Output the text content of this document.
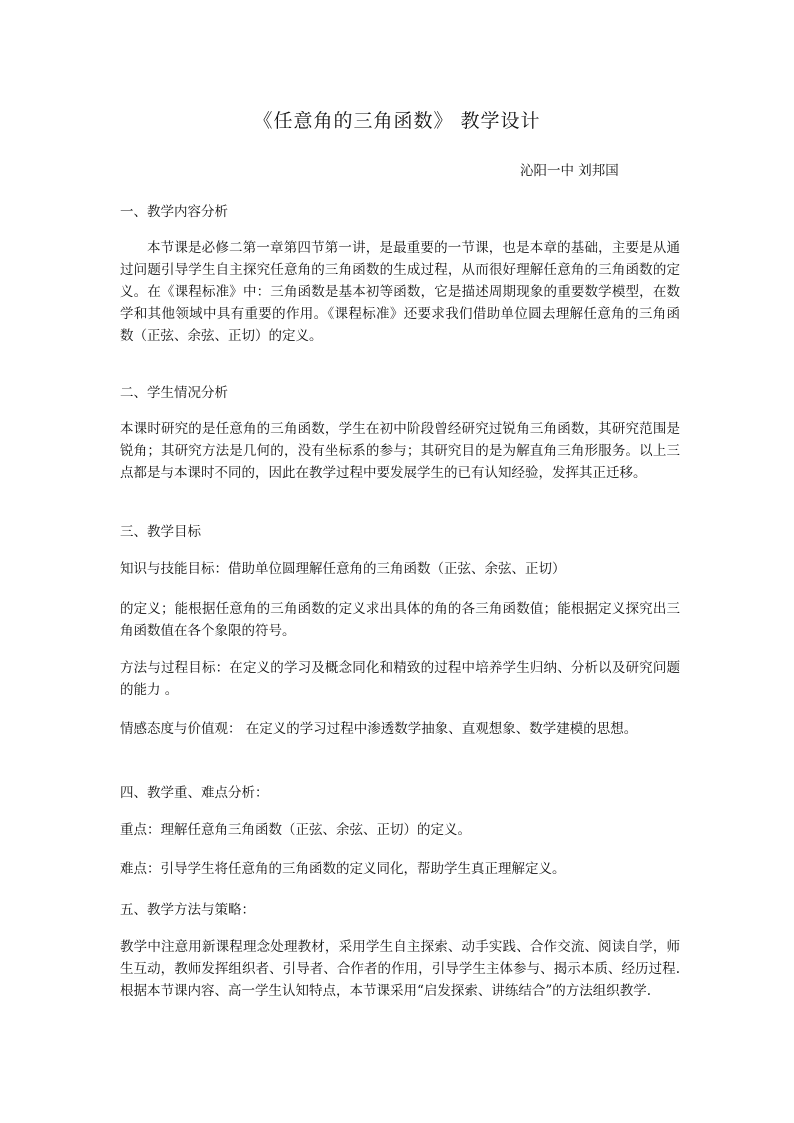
《任意角的三角函数》 教学设计
沁阳一中 刘邦国
一、教学内容分析
本节课是必修二第一章第四节第一讲，是最重要的一节课，也是本章的基础，主要是从通过问题引导学生自主探究任意角的三角函数的生成过程，从而很好理解任意角的三角函数的定义。在《课程标准》中：三角函数是基本初等函数，它是描述周期现象的重要数学模型，在数学和其他领域中具有重要的作用。《课程标准》还要求我们借助单位圆去理解任意角的三角函数（正弦、余弦、正切）的定义。
二、学生情况分析
本课时研究的是任意角的三角函数，学生在初中阶段曾经研究过锐角三角函数，其研究范围是锐角；其研究方法是几何的，没有坐标系的参与；其研究目的是为解直角三角形服务。以上三点都是与本课时不同的，因此在教学过程中要发展学生的已有认知经验，发挥其正迁移。
三、教学目标
知识与技能目标：借助单位圆理解任意角的三角函数（正弦、余弦、正切）
的定义；能根据任意角的三角函数的定义求出具体的角的各三角函数值；能根据定义探究出三角函数值在各个象限的符号。
方法与过程目标：在定义的学习及概念同化和精致的过程中培养学生归纳、分析以及研究问题的能力 。
情感态度与价值观： 在定义的学习过程中渗透数学抽象、直观想象、数学建模的思想。
四、教学重、难点分析：
重点：理解任意角三角函数（正弦、余弦、正切）的定义。
难点：引导学生将任意角的三角函数的定义同化，帮助学生真正理解定义。
五、教学方法与策略：
教学中注意用新课程理念处理教材，采用学生自主探索、动手实践、合作交流、阅读自学，师生互动，教师发挥组织者、引导者、合作者的作用，引导学生主体参与、揭示本质、经历过程. 根据本节课内容、高一学生认知特点，本节课采用“启发探索、讲练结合”的方法组织教学.
